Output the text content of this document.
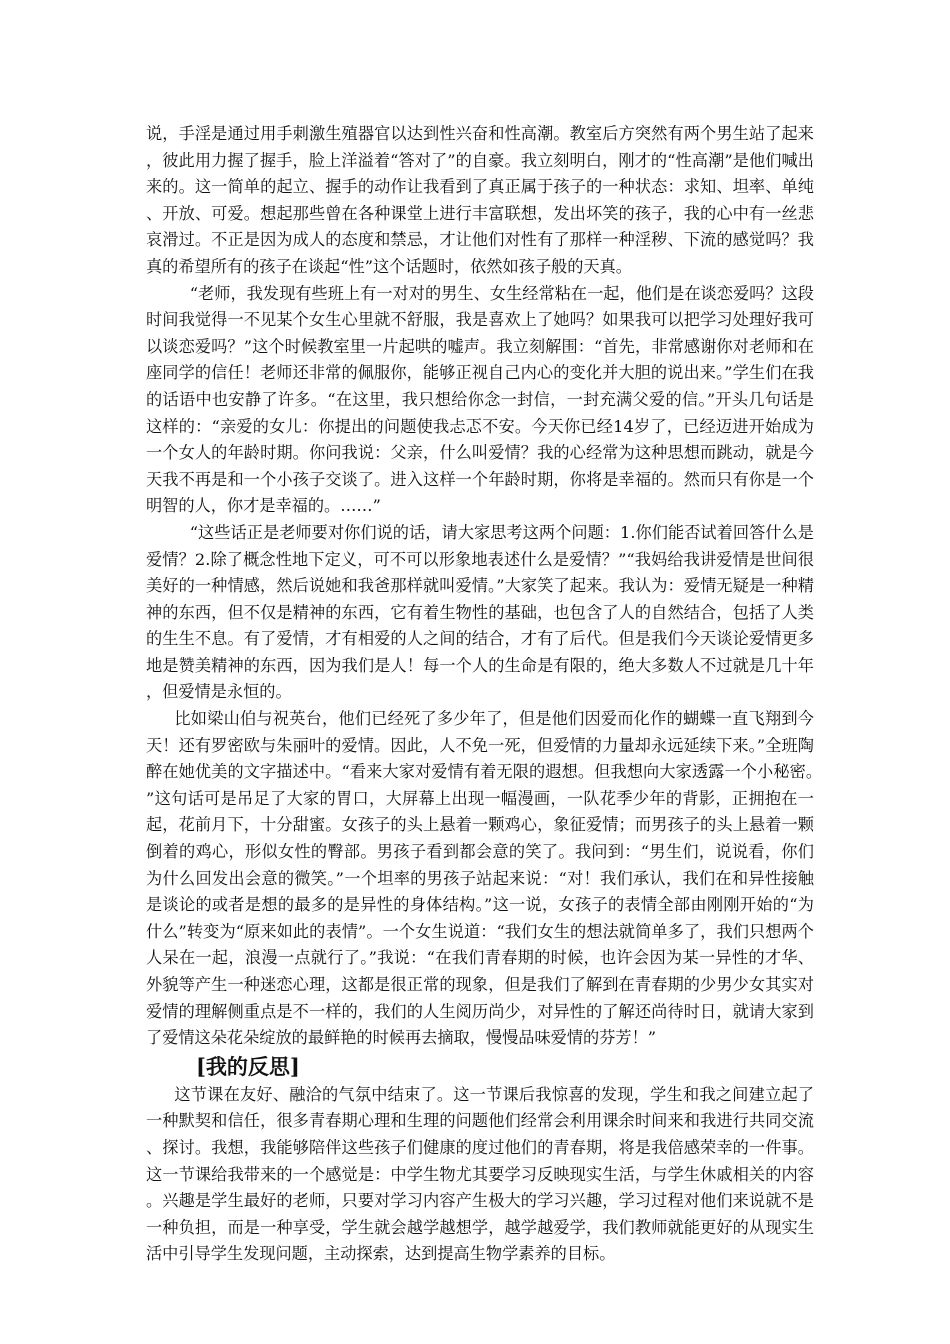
说，手淫是通过用手刺激生殖器官以达到性兴奋和性高潮。教室后方突然有两个男生站了起来，彼此用力握了握手，脸上洋溢着“答对了”的自豪。我立刻明白，刚才的“性高潮”是他们喊出来的。这一简单的起立、握手的动作让我看到了真正属于孩子的一种状态：求知、坦率、单纯、开放、可爱。想起那些曾在各种课堂上进行丰富联想，发出坏笑的孩子，我的心中有一丝悲哀滑过。不正是因为成人的态度和禁忌，才让他们对性有了那样一种淫秽、下流的感觉吗？我真的希望所有的孩子在谈起“性”这个话题时，依然如孩子般的天真。

“老师，我发现有些班上有一对对的男生、女生经常粘在一起，他们是在谈恋爱吗？这段时间我觉得一不见某个女生心里就不舒服，我是喜欢上了她吗？如果我可以把学习处理好我可以谈恋爱吗？”这个时候教室里一片起哄的嘘声。我立刻解围：“首先，非常感谢你对老师和在座同学的信任！老师还非常的佩服你，能够正视自己内心的变化并大胆的说出来。”学生们在我的话语中也安静了许多。“在这里，我只想给你念一封信，一封充满父爱的信。”开头几句话是这样的：“亲爱的女儿：你提出的问题使我忐忑不安。今天你已经14岁了，已经迈进开始成为一个女人的年龄时期。你问我说：父亲，什么叫爱情？我的心经常为这种思想而跳动，就是今天我不再是和一个小孩子交谈了。进入这样一个年龄时期，你将是幸福的。然而只有你是一个明智的人，你才是幸福的。……”

“这些话正是老师要对你们说的话，请大家思考这两个问题：1.你们能否试着回答什么是爱情？2.除了概念性地下定义，可不可以形象地表述什么是爱情？”“我妈给我讲爱情是世间很美好的一种情感，然后说她和我爸那样就叫爱情。”大家笑了起来。我认为：爱情无疑是一种精神的东西，但不仅是精神的东西，它有着生物性的基础，也包含了人的自然结合，包括了人类的生生不息。有了爱情，才有相爱的人之间的结合，才有了后代。但是我们今天谈论爱情更多地是赞美精神的东西，因为我们是人！每一个人的生命是有限的，绝大多数人不过就是几十年，但爱情是永恒的。

比如梁山伯与祝英台，他们已经死了多少年了，但是他们因爱而化作的蝴蝶一直飞翔到今天！还有罗密欧与朱丽叶的爱情。因此，人不免一死，但爱情的力量却永远延续下来。”全班陶醉在她优美的文字描述中。“看来大家对爱情有着无限的遐想。但我想向大家透露一个小秘密。”这句话可是吊足了大家的胃口，大屏幕上出现一幅漫画，一队花季少年的背影，正拥抱在一起，花前月下，十分甜蜜。女孩子的头上悬着一颗鸡心，象征爱情；而男孩子的头上悬着一颗倒着的鸡心，形似女性的臀部。男孩子看到都会意的笑了。我问到：“男生们，说说看，你们为什么回发出会意的微笑。”一个坦率的男孩子站起来说：“对！我们承认，我们在和异性接触是谈论的或者是想的最多的是异性的身体结构。”这一说，女孩子的表情全部由刚刚开始的“为什么”转变为“原来如此的表情”。一个女生说道：“我们女生的想法就简单多了，我们只想两个人呆在一起，浪漫一点就行了。”我说：“在我们青春期的时候，也许会因为某一异性的才华、外貌等产生一种迷恋心理，这都是很正常的现象，但是我们了解到在青春期的少男少女其实对爱情的理解侧重点是不一样的，我们的人生阅历尚少，对异性的了解还尚待时日，就请大家到了爱情这朵花朵绽放的最鲜艳的时候再去摘取，慢慢品味爱情的芬芳！”

[我的反思]

这节课在友好、融洽的气氛中结束了。这一节课后我惊喜的发现，学生和我之间建立起了一种默契和信任，很多青春期心理和生理的问题他们经常会利用课余时间来和我进行共同交流、探讨。我想，我能够陪伴这些孩子们健康的度过他们的青春期，将是我倍感荣幸的一件事。这一节课给我带来的一个感觉是：中学生物尤其要学习反映现实生活，与学生休戚相关的内容。兴趣是学生最好的老师，只要对学习内容产生极大的学习兴趣，学习过程对他们来说就不是一种负担，而是一种享受，学生就会越学越想学，越学越爱学，我们教师就能更好的从现实生活中引导学生发现问题，主动探索，达到提高生物学素养的目标。
